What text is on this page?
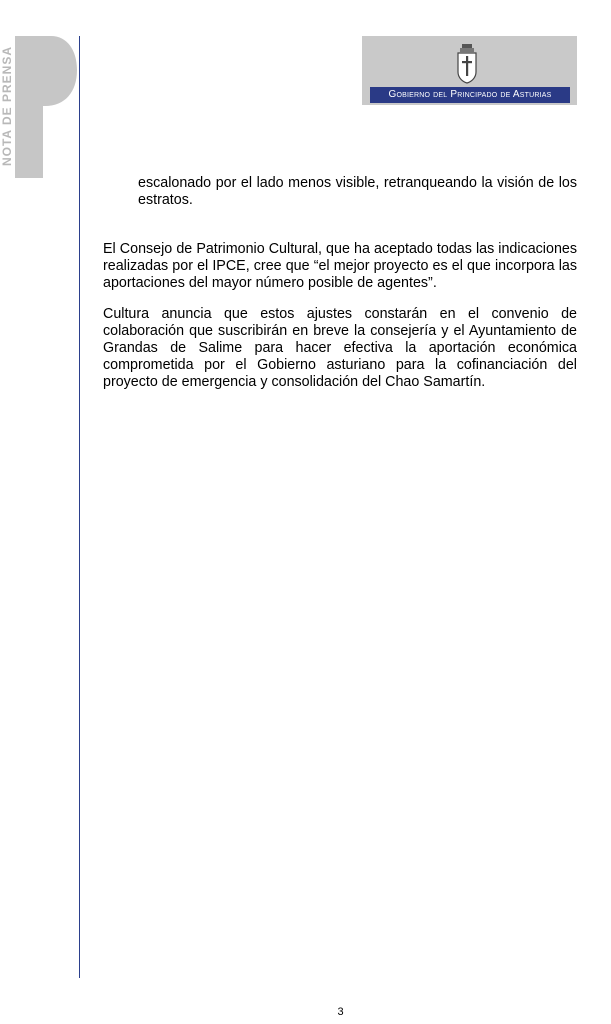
NOTA DE PRENSA	Gobierno del Principado de Asturias

escalonado por el lado menos visible, retranqueando la visión de los estratos.

El Consejo de Patrimonio Cultural, que ha aceptado todas las indicaciones realizadas por el IPCE, cree que “el mejor proyecto es el que incorpora las aportaciones del mayor número posible de agentes”.

Cultura anuncia que estos ajustes constarán en el convenio de colaboración que suscribirán en breve la consejería y el Ayuntamiento de Grandas de Salime para hacer efectiva la aportación económica comprometida por el Gobierno asturiano para la cofinanciación del proyecto de emergencia y consolidación del Chao Samartín.

3
